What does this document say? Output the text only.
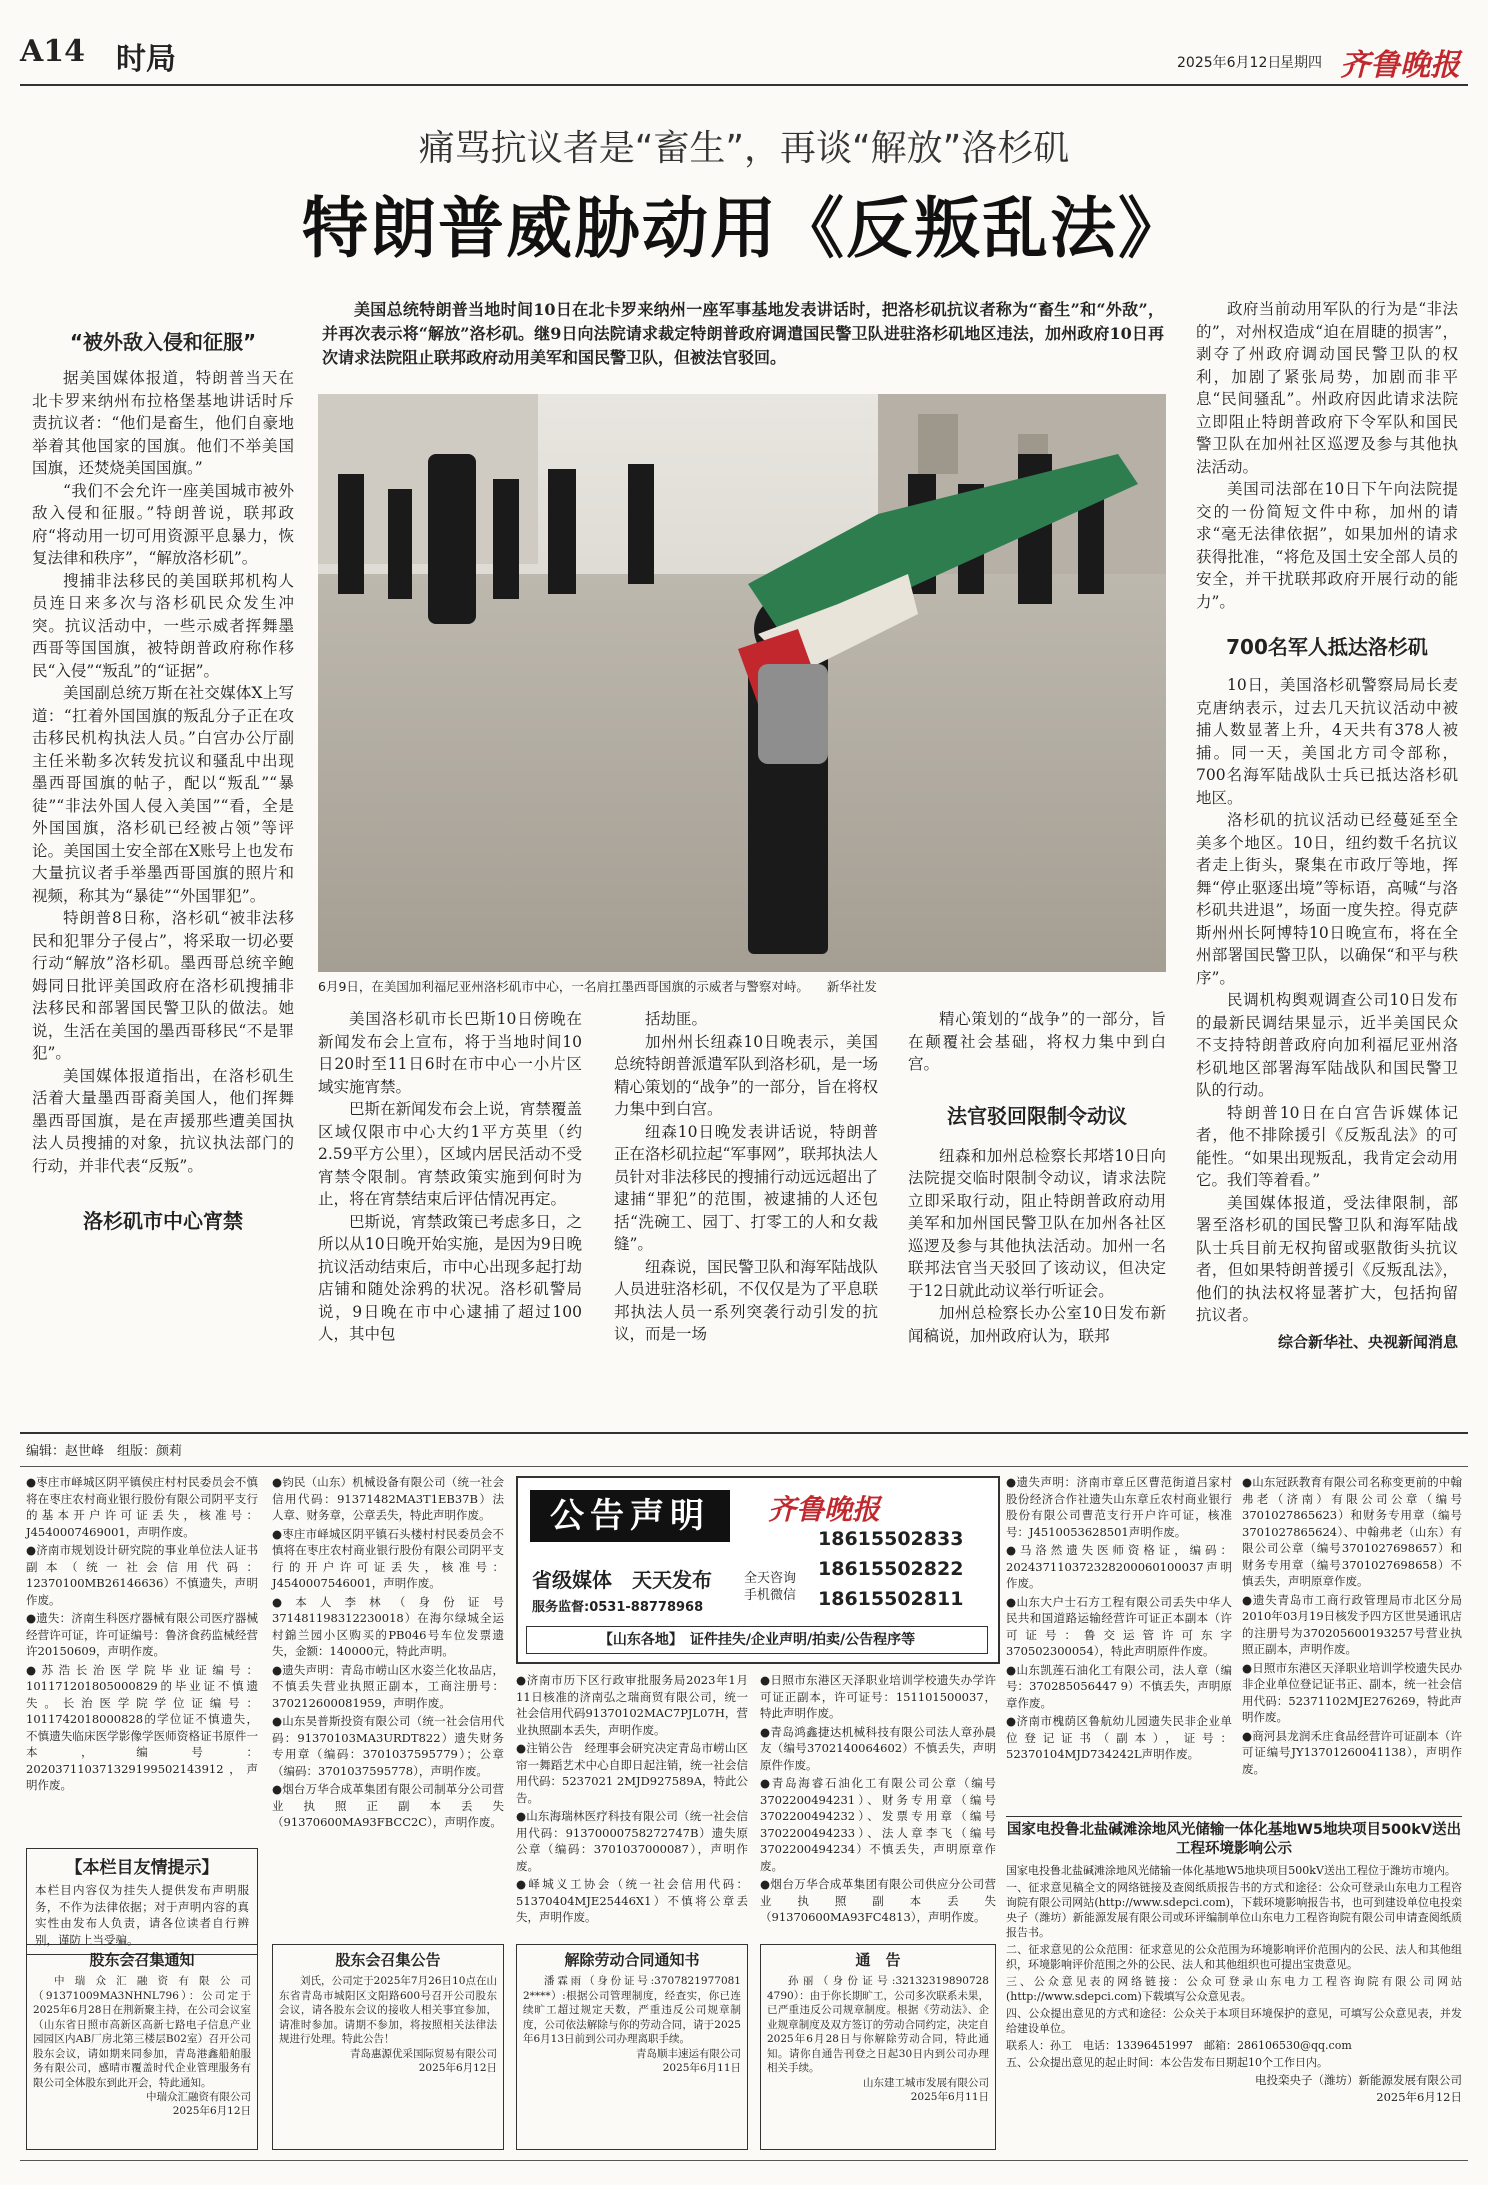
A14 时局	2025年6月12日
星期四 齐鲁晚报
痛骂抗议者是“畜生”，再谈“解放”洛杉矶
特朗普威胁动用《反叛乱法》
“被外敌入侵和征服”

据美国媒体报道，特朗普当天在北卡罗来纳州布拉格堡基地讲话时斥责抗议者：“他们是畜生，他们自豪地举着其他国家的国旗。他们不举美国国旗，还焚烧美国国旗。”

“我们不会允许一座美国城市被外敌入侵和征服。”特朗普说，联邦政府“将动用一切可用资源平息暴力，恢复法律和秩序”，“解放洛杉矶”。

搜捕非法移民的美国联邦机构人员连日来多次与洛杉矶民众发生冲突。抗议活动中，一些示威者挥舞墨西哥等国国旗，被特朗普政府称作移民“入侵”“叛乱”的“证据”。

美国副总统万斯在社交媒体X上写道：“扛着外国国旗的叛乱分子正在攻击移民机构执法人员。”白宫办公厅副主任米勒多次转发抗议和骚乱中出现墨西哥国旗的帖子，配以“叛乱”“暴徒”“非法外国人侵入美国”“看，全是外国国旗，洛杉矶已经被占领”等评论。美国国土安全部在X账号上也发布大量抗议者手举墨西哥国旗的照片和视频，称其为“暴徒”“外国罪犯”。

特朗普8日称，洛杉矶“被非法移民和犯罪分子侵占”，将采取一切必要行动“解放”洛杉矶。墨西哥总统辛鲍姆同日批评美国政府在洛杉矶搜捕非法移民和部署国民警卫队的做法。她说，生活在美国的墨西哥移民“不是罪犯”。

美国媒体报道指出，在洛杉矶生活着大量墨西哥裔美国人，他们挥舞墨西哥国旗，是在声援那些遭美国执法人员搜捕的对象，抗议执法部门的行动，并非代表“反叛”。

洛杉矶市中心宵禁

美国总统特朗普当地时间10日在北卡罗来纳州一座军事基地发表讲话时，把洛杉矶抗议者称为“畜生”和“外敌”，并再次表示将“解放”洛杉矶。继9日向法院请求裁定特朗普政府调遣国民警卫队进驻洛杉矶地区违法，加州政府10日再次请求法院阻止联邦政府动用美军和国民警卫队，但被法官驳回。

6月9日，在美国加利福尼亚州洛杉矶市中心，一名肩扛墨西哥国旗的示威者与警察对峙。 新华社发

美国洛杉矶市长巴斯10日傍晚在新闻发布会上宣布，将于当地时间10日20时至11日6时在市中心一小片区域实施宵禁。

巴斯在新闻发布会上说，宵禁覆盖区域仅限市中心大约1平方英里（约2.59平方公里），区域内居民活动不受宵禁令限制。宵禁政策实施到何时为止，将在宵禁结束后评估情况再定。

巴斯说，宵禁政策已考虑多日，之所以从10日晚开始实施，是因为9日晚抗议活动结束后，市中心出现多起打劫店铺和随处涂鸦的状况。洛杉矶警局说，9日晚在市中心逮捕了超过100人，其中包

括劫匪。

加州州长纽森10日晚表示，美国总统特朗普派遣军队到洛杉矶，是一场精心策划的“战争”的一部分，旨在将权力集中到白宫。

纽森10日晚发表讲话说，特朗普正在洛杉矶拉起“军事网”，联邦执法人员针对非法移民的搜捕行动远远超出了逮捕“罪犯”的范围，被逮捕的人还包括“洗碗工、园丁、打零工的人和女裁缝”。

纽森说，国民警卫队和海军陆战队人员进驻洛杉矶，不仅仅是为了平息联邦执法人员一系列突袭行动引发的抗议，而是一场

精心策划的“战争”的一部分，旨在颠覆社会基础，将权力集中到白宫。

法官驳回限制令动议

纽森和加州总检察长邦塔10日向法院提交临时限制令动议，请求法院立即采取行动，阻止特朗普政府动用美军和加州国民警卫队在加州各社区巡逻及参与其他执法活动。加州一名联邦法官当天驳回了该动议，但决定于12日就此动议举行听证会。

加州总检察长办公室10日发布新闻稿说，加州政府认为，联邦

政府当前动用军队的行为是“非法的”，对州权造成“迫在眉睫的损害”，剥夺了州政府调动国民警卫队的权利，加剧了紧张局势，加剧而非平息“民间骚乱”。州政府因此请求法院立即阻止特朗普政府下令军队和国民警卫队在加州社区巡逻及参与其他执法活动。

美国司法部在10日下午向法院提交的一份简短文件中称，加州的请求“毫无法律依据”，如果加州的请求获得批准，“将危及国土安全部人员的安全，并干扰联邦政府开展行动的能力”。

700名军人抵达洛杉矶

10日，美国洛杉矶警察局局长麦克唐纳表示，过去几天抗议活动中被捕人数显著上升，4天共有378人被捕。同一天，美国北方司令部称，700名海军陆战队士兵已抵达洛杉矶地区。

洛杉矶的抗议活动已经蔓延至全美多个地区。10日，纽约数千名抗议者走上街头，聚集在市政厅等地，挥舞“停止驱逐出境”等标语，高喊“与洛杉矶共进退”，场面一度失控。得克萨斯州州长阿博特10日晚宣布，将在全州部署国民警卫队，以确保“和平与秩序”。

民调机构舆观调查公司10日发布的最新民调结果显示，近半美国民众不支持特朗普政府向加利福尼亚州洛杉矶地区部署海军陆战队和国民警卫队的行动。

特朗普10日在白宫告诉媒体记者，他不排除援引《反叛乱法》的可能性。“如果出现叛乱，我肯定会动用它。我们等着看。”

美国媒体报道，受法律限制，部署至洛杉矶的国民警卫队和海军陆战队士兵目前无权拘留或驱散街头抗议者，但如果特朗普援引《反叛乱法》，他们的执法权将显著扩大，包括拘留抗议者。

综合新华社、央视新闻消息
编辑：赵世峰　组版：颜莉

●枣庄市峄城区阴平镇侯庄村村民委员会不慎将在枣庄农村商业银行股份有限公司阴平支行的基本开户许可证丢失，核准号：J4540007469001，声明作废。

●济南市规划设计研究院的事业单位法人证书副本（统一社会信用代码：12370100MB26146636）不慎遗失，声明作废。

●遗失：济南生科医疗器械有限公司医疗器械经营许可证，许可证编号：鲁济食药监械经营许20150609，声明作废。

●苏浩长治医学院毕业证编号：101171201805000829的毕业证不慎遗失。长治医学院学位证编号：1011742018000828的学位证不慎遗失，不慎遗失临床医学影像学医师资格证书原件一本，编号：202037110371329199502143912，声明作废。

【本栏目友情提示】
本栏目内容仅为挂失人提供发布声明服务，不作为法律依据；对于声明内容的真实性由发布人负责，请各位读者自行辨别，谨防上当受骗。

●钧民（山东）机械设备有限公司（统一社会信用代码：91371482MA3T1EB37B）法人章、财务章，公章丢失，特此声明作废。

●枣庄市峄城区阴平镇石头楼村村民委员会不慎将在枣庄农村商业银行股份有限公司阴平支行的开户许可证丢失，核准号：J4540007546001，声明作废。

●本人李林（身份证号371481198312230018）在海尔绿城全运村錦兰园小区购买的PB046号车位发票遗失，金额：140000元，特此声明。

●遗失声明：青岛市崂山区水姿兰化妆品店，不慎丢失营业执照正副本，工商注册号：370212600081959，声明作废。

●山东昊普斯投资有限公司（统一社会信用代码：91370103MA3URDT822）遗失财务专用章（编码：3701037595779）；公章（编码：3701037595778），声明作废。

●烟台万华合成革集团有限公司制革分公司营业执照正副本丢失（91370600MA93FBCC2C），声明作废。

公告声明	齐鲁晚报
省级媒体　天天发布
服务监督:0531-88778968
全天咨询
手机微信
18615502833
18615502822
18615502811
【山东各地】　证件挂失/企业声明/拍卖/公告程序等

●济南市历下区行政审批服务局2023年1月11日核准的济南弘之瑞商贸有限公司，统一社会信用代码91370102MAC7PJL07H，营业执照副本丢失，声明作废。

●注销公告　经理事会研究决定青岛市崂山区帘一舞蹈艺术中心自即日起注销，统一社会信用代码：5237021 2MJD927589A，特此公告。

●山东海瑞林医疗科技有限公司（统一社会信用代码：91370000758272747B）遗失原公章（编码：3701037000087），声明作废。

●峄城义工协会（统一社会信用代码：51370404MJE25446X1）不慎将公章丢失，声明作废。

●日照市东港区天泽职业培训学校遗失办学许可证正副本，许可证号：151101500037，特此声明作废。

●青岛鸿鑫捷达机械科技有限公司法人章孙晨友（编号3702140064602）不慎丢失，声明原件作废。

●青岛海睿石油化工有限公司公章（编号3702200494231）、财务专用章（编号3702200494232）、发票专用章（编号3702200494233）、法人章李飞（编号3702200494234）不慎丢失，声明原章作废。

●烟台万华合成革集团有限公司供应分公司营业执照副本丢失（91370600MA93FC4813），声明作废。

●遗失声明：济南市章丘区曹范街道吕家村股份经济合作社遗失山东章丘农村商业银行股份有限公司曹范支行开户许可证，核准号：J4510053628501声明作废。

●马洛然遗失医师资格证，编码：202437110372328200060100037声明作废。

●山东大户士石方工程有限公司丢失中华人民共和国道路运输经营许可证正本副本（许可证号：鲁交运管许可东字370502300054），特此声明原件作废。

●山东凯莲石油化工有限公司，法人章（编号：370285056447 9）不慎丢失，声明原章作废。

●济南市槐荫区鲁航幼儿园遗失民非企业单位登记证书（副本），证号：52370104MJD734242L声明作废。

●山东冠跃教育有限公司名称变更前的中翰弗老（济南）有限公司公章（编号3701027865623）和财务专用章（编号3701027865624）、中翰弗老（山东）有限公司公章（编号3701027698657）和财务专用章（编号3701027698658）不慎丢失，声明原章作废。

●遗失青岛市工商行政管理局市北区分局2010年03月19日核发予四方区世昊通讯店的注册号为370205600193257号营业执照正副本，声明作废。

●日照市东港区天泽职业培训学校遗失民办非企业单位登记证书正、副本，统一社会信用代码：52371102MJE276269，特此声明作废。

●商河县龙润禾庄食品经营许可证副本（许可证编号JY13701260041138），声明作废。

国家电投鲁北盐碱滩涂地风光储输一体化基地W5地块项目500kV送出工程环境影响公示

国家电投鲁北盐碱滩涂地风光储输一体化基地W5地块项目500kV送出工程位于潍坊市境内。

一、征求意见稿全文的网络链接及查阅纸质报告书的方式和途径：公众可登录山东电力工程咨询院有限公司网站(http://www.sdepci.com)，下载环境影响报告书，也可到建设单位电投栾央子（潍坊）新能源发展有限公司或环评编制单位山东电力工程咨询院有限公司申请查阅纸质报告书。

二、征求意见的公众范围：征求意见的公众范围为环境影响评价范围内的公民、法人和其他组织，环境影响评价范围之外的公民、法人和其他组织也可提出宝贵意见。

三、公众意见表的网络链接：公众可登录山东电力工程咨询院有限公司网站(http://www.sdepci.com)下载填写公众意见表。

四、公众提出意见的方式和途径：公众关于本项目环境保护的意见，可填写公众意见表，并发给建设单位。

联系人：孙工　电话：13396451997　邮箱：286106530@qq.com

五、公众提出意见的起止时间：本公告发布日期起10个工作日内。

电投栾央子（潍坊）新能源发展有限公司
2025年6月12日
股东会召集通知
中瑞众汇融资有限公司（91371009MA3NHNL796）：公司定于2025年6月28日在荆新聚主持，在公司会议室（山东省日照市高新区高新七路电子信息产业园园区内AB厂房北第三楼层B02室）召开公司股东会议，请如期来同参加，青岛港鑫船舶服务有限公司，感晴市覆盖时代企业管理服务有限公司全体股东到此开会，特此通知。
中瑞众汇融资有限公司
2025年6月12日
股东会召集公告
刘氏，公司定于2025年7月26日10点在山东省青岛市城阳区文阳路600号召开公司股东会议，请各股东会议的接收人相关事宜参加，请准时参加。请期不参加，将按照相关法律法规进行处理。特此公告！
青岛惠源优采国际贸易有限公司
2025年6月12日
解除劳动合同通知书
潘霖雨（身份证号:3707821977081 2****）:根据公司管理制度，经查实，你已连续旷工超过规定天数，严重违反公司规章制度，公司依法解除与你的劳动合同，请于2025年6月13日前到公司办理离职手续。
青岛顺丰速运有限公司
2025年6月11日
通　告
孙丽（身份证号:32132319890728 4790）：由于你长期旷工，公司多次联系未果，已严重违反公司规章制度。根据《劳动法》、企业规章制度及双方签订的劳动合同约定，决定自2025年6月28日与你解除劳动合同，特此通知。请你自通告刊登之日起30日内到公司办理相关手续。
山东建工城市发展有限公司
2025年6月11日
